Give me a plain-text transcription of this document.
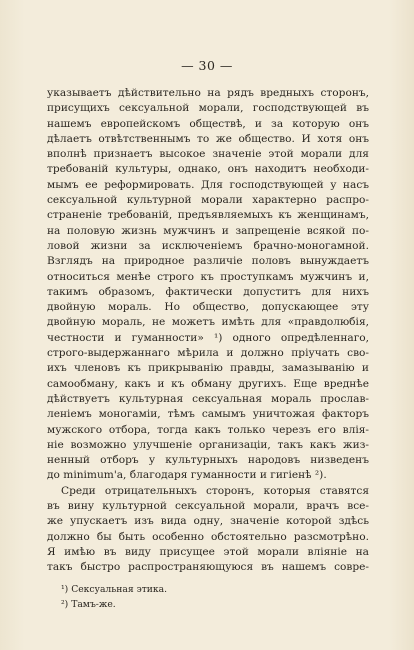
— 30 —
указываетъ дѣйствительно на рядъ вредныхъ сторонъ,
присущихъ сексуальной морали, господствующей въ
нашемъ европейскомъ обществѣ, и за которую онъ
дѣлаетъ отвѣтственнымъ то же общество. И хотя онъ
вполнѣ признаетъ высокое значенiе этой морали для
требованiй культуры, однако, онъ находитъ необходи-
мымъ ее реформировать. Для господствующей у насъ
сексуальной культурной морали характерно распро-
страненiе требованiй, предъявляемыхъ къ женщинамъ,
на половую жизнь мужчинъ и запрещенiе всякой по-
ловой жизни за исключенiемъ брачно-моногамной.
Взглядъ на природное различiе половъ вынуждаетъ
относиться менѣе строго къ проступкамъ мужчинъ и,
такимъ образомъ, фактически допуститъ для нихъ
двойную мораль. Но общество, допускающее эту
двойную мораль, не можетъ имѣть для «правдолюбiя,
честности и гуманности» ¹) одного опредѣленнаго,
строго-выдержаннаго мѣрила и должно прiучать сво-
ихъ членовъ къ прикрыванiю правды, замазыванiю и
самообману, какъ и къ обману другихъ. Еще вреднѣе
дѣйствуетъ культурная сексуальная мораль прослав-
ленiемъ моногамiи, тѣмъ самымъ уничтожая факторъ
мужского отбора, тогда какъ только черезъ его влiя-
нiе возможно улучшенiе организацiи, такъ какъ жиз-
ненный отборъ у культурныхъ народовъ низведенъ
до minimum'а, благодаря гуманности и гигiенѣ ²).
Среди отрицательныхъ сторонъ, которыя ставятся
въ вину культурной сексуальной морали, врачъ все-
же упускаетъ изъ вида одну, значенiе которой здѣсь
должно бы быть особенно обстоятельно разсмотрѣно.
Я имѣю въ виду присущее этой морали влiянiе на
такъ быстро распространяющуюся въ нашемъ совре-
¹) Сексуальная этика.
²) Тамъ-же.
